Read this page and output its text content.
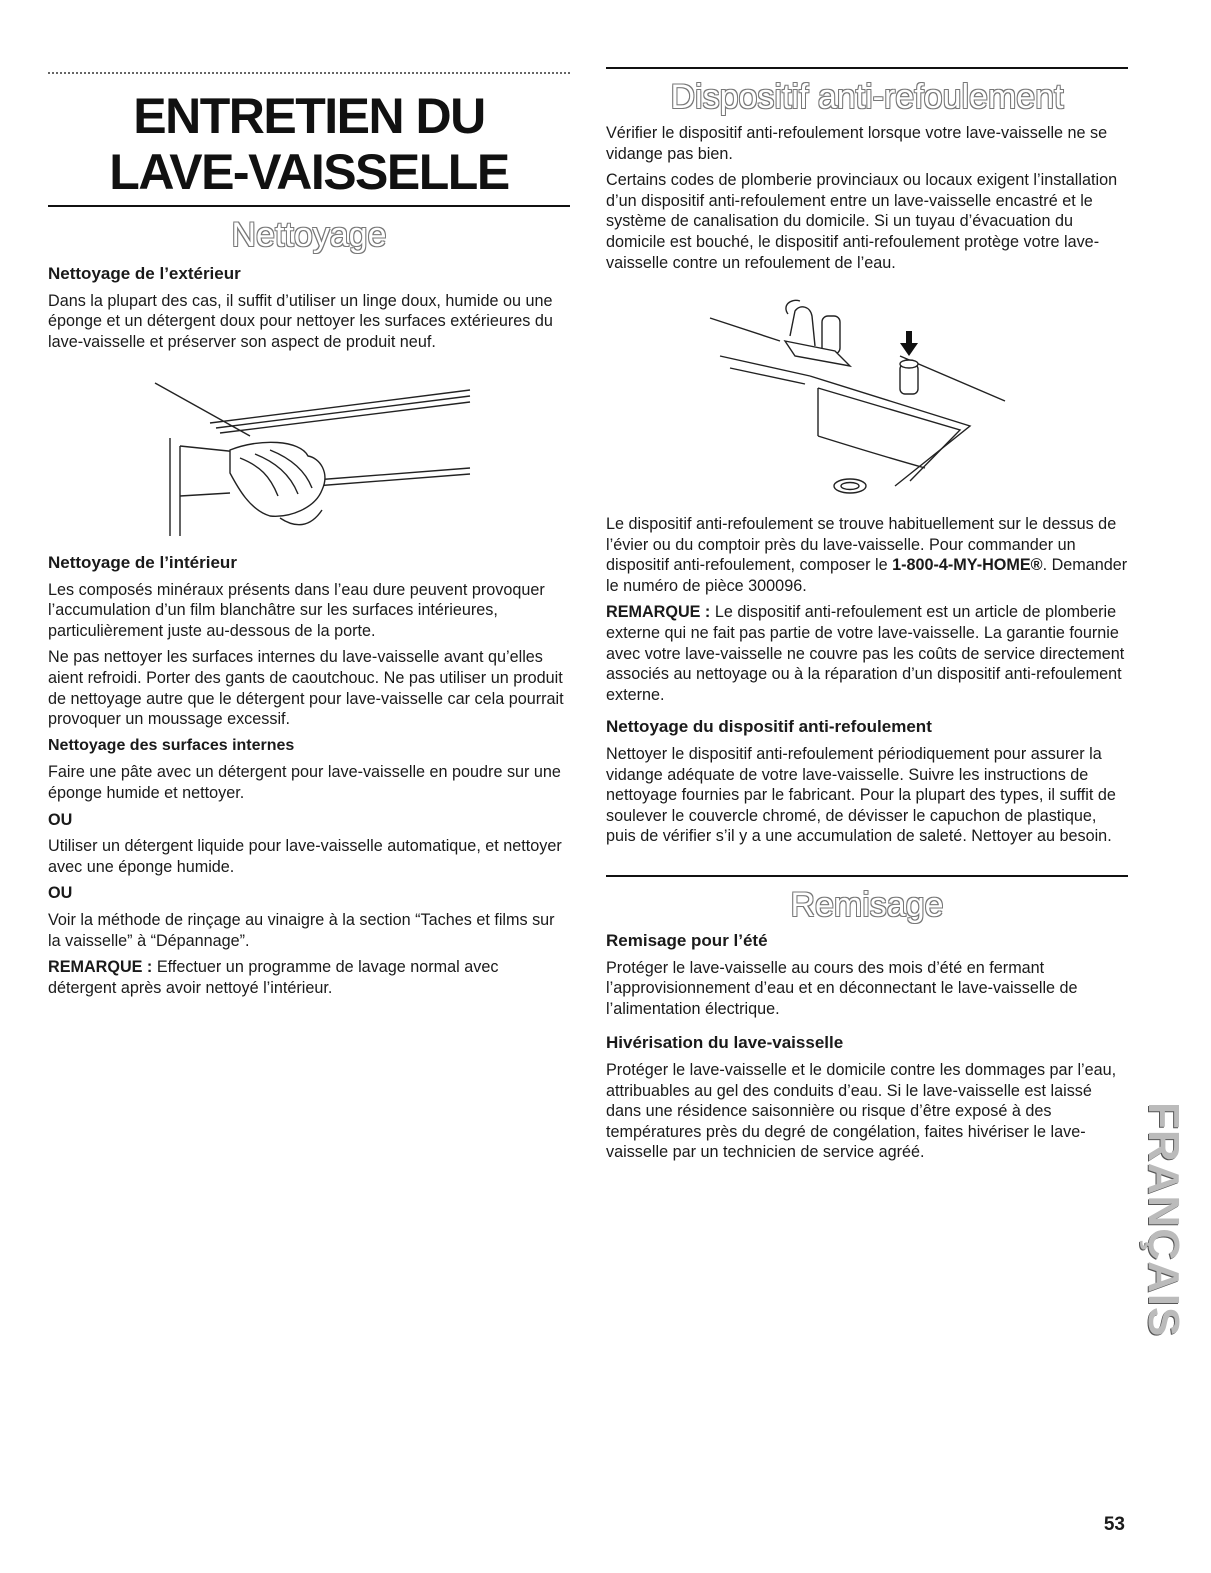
ENTRETIEN DU
LAVE-VAISSELLE
Nettoyage

Nettoyage de l’extérieur

Dans la plupart des cas, il suffit d’utiliser un linge doux, humide ou une éponge et un détergent doux pour nettoyer les surfaces extérieures du lave-vaisselle et préserver son aspect de produit neuf.

Nettoyage de l’intérieur

Les composés minéraux présents dans l’eau dure peuvent provoquer l’accumulation d’un film blanchâtre sur les surfaces intérieures, particulièrement juste au-dessous de la porte.

Ne pas nettoyer les surfaces internes du lave-vaisselle avant qu’elles aient refroidi. Porter des gants de caoutchouc. Ne pas utiliser un produit de nettoyage autre que le détergent pour lave-vaisselle car cela pourrait provoquer un moussage excessif.

Nettoyage des surfaces internes

Faire une pâte avec un détergent pour lave-vaisselle en poudre sur une éponge humide et nettoyer.

OU

Utiliser un détergent liquide pour lave-vaisselle automatique, et nettoyer avec une éponge humide.

OU

Voir la méthode de rinçage au vinaigre à la section “Taches et films sur la vaisselle” à “Dépannage”.

REMARQUE : Effectuer un programme de lavage normal avec détergent après avoir nettoyé l’intérieur.

Dispositif anti-refoulement

Vérifier le dispositif anti-refoulement lorsque votre lave-vaisselle ne se vidange pas bien.

Certains codes de plomberie provinciaux ou locaux exigent l’installation d’un dispositif anti-refoulement entre un lave-vaisselle encastré et le système de canalisation du domicile. Si un tuyau d’évacuation du domicile est bouché, le dispositif anti-refoulement protège votre lave-vaisselle contre un refoulement de l’eau.

Le dispositif anti-refoulement se trouve habituellement sur le dessus de l’évier ou du comptoir près du lave-vaisselle. Pour commander un dispositif anti-refoulement, composer le 1-800-4-MY-HOME®. Demander le numéro de pièce 300096.

REMARQUE : Le dispositif anti-refoulement est un article de plomberie externe qui ne fait pas partie de votre lave-vaisselle. La garantie fournie avec votre lave-vaisselle ne couvre pas les coûts de service directement associés au nettoyage ou à la réparation d’un dispositif anti-refoulement externe.

Nettoyage du dispositif anti-refoulement

Nettoyer le dispositif anti-refoulement périodiquement pour assurer la vidange adéquate de votre lave-vaisselle. Suivre les instructions de nettoyage fournies par le fabricant. Pour la plupart des types, il suffit de soulever le couvercle chromé, de dévisser le capuchon de plastique, puis de vérifier s’il y a une accumulation de saleté. Nettoyer au besoin.

Remisage

Remisage pour l’été

Protéger le lave-vaisselle au cours des mois d’été en fermant l’approvisionnement d’eau et en déconnectant le lave-vaisselle de l’alimentation électrique.

Hivérisation du lave-vaisselle

Protéger le lave-vaisselle et le domicile contre les dommages par l’eau, attribuables au gel des conduits d’eau. Si le lave-vaisselle est laissé dans une résidence saisonnière ou risque d’être exposé à des températures près du degré de congélation, faites hivériser le lave-vaisselle par un technicien de service agréé.	FRANÇAIS
53
